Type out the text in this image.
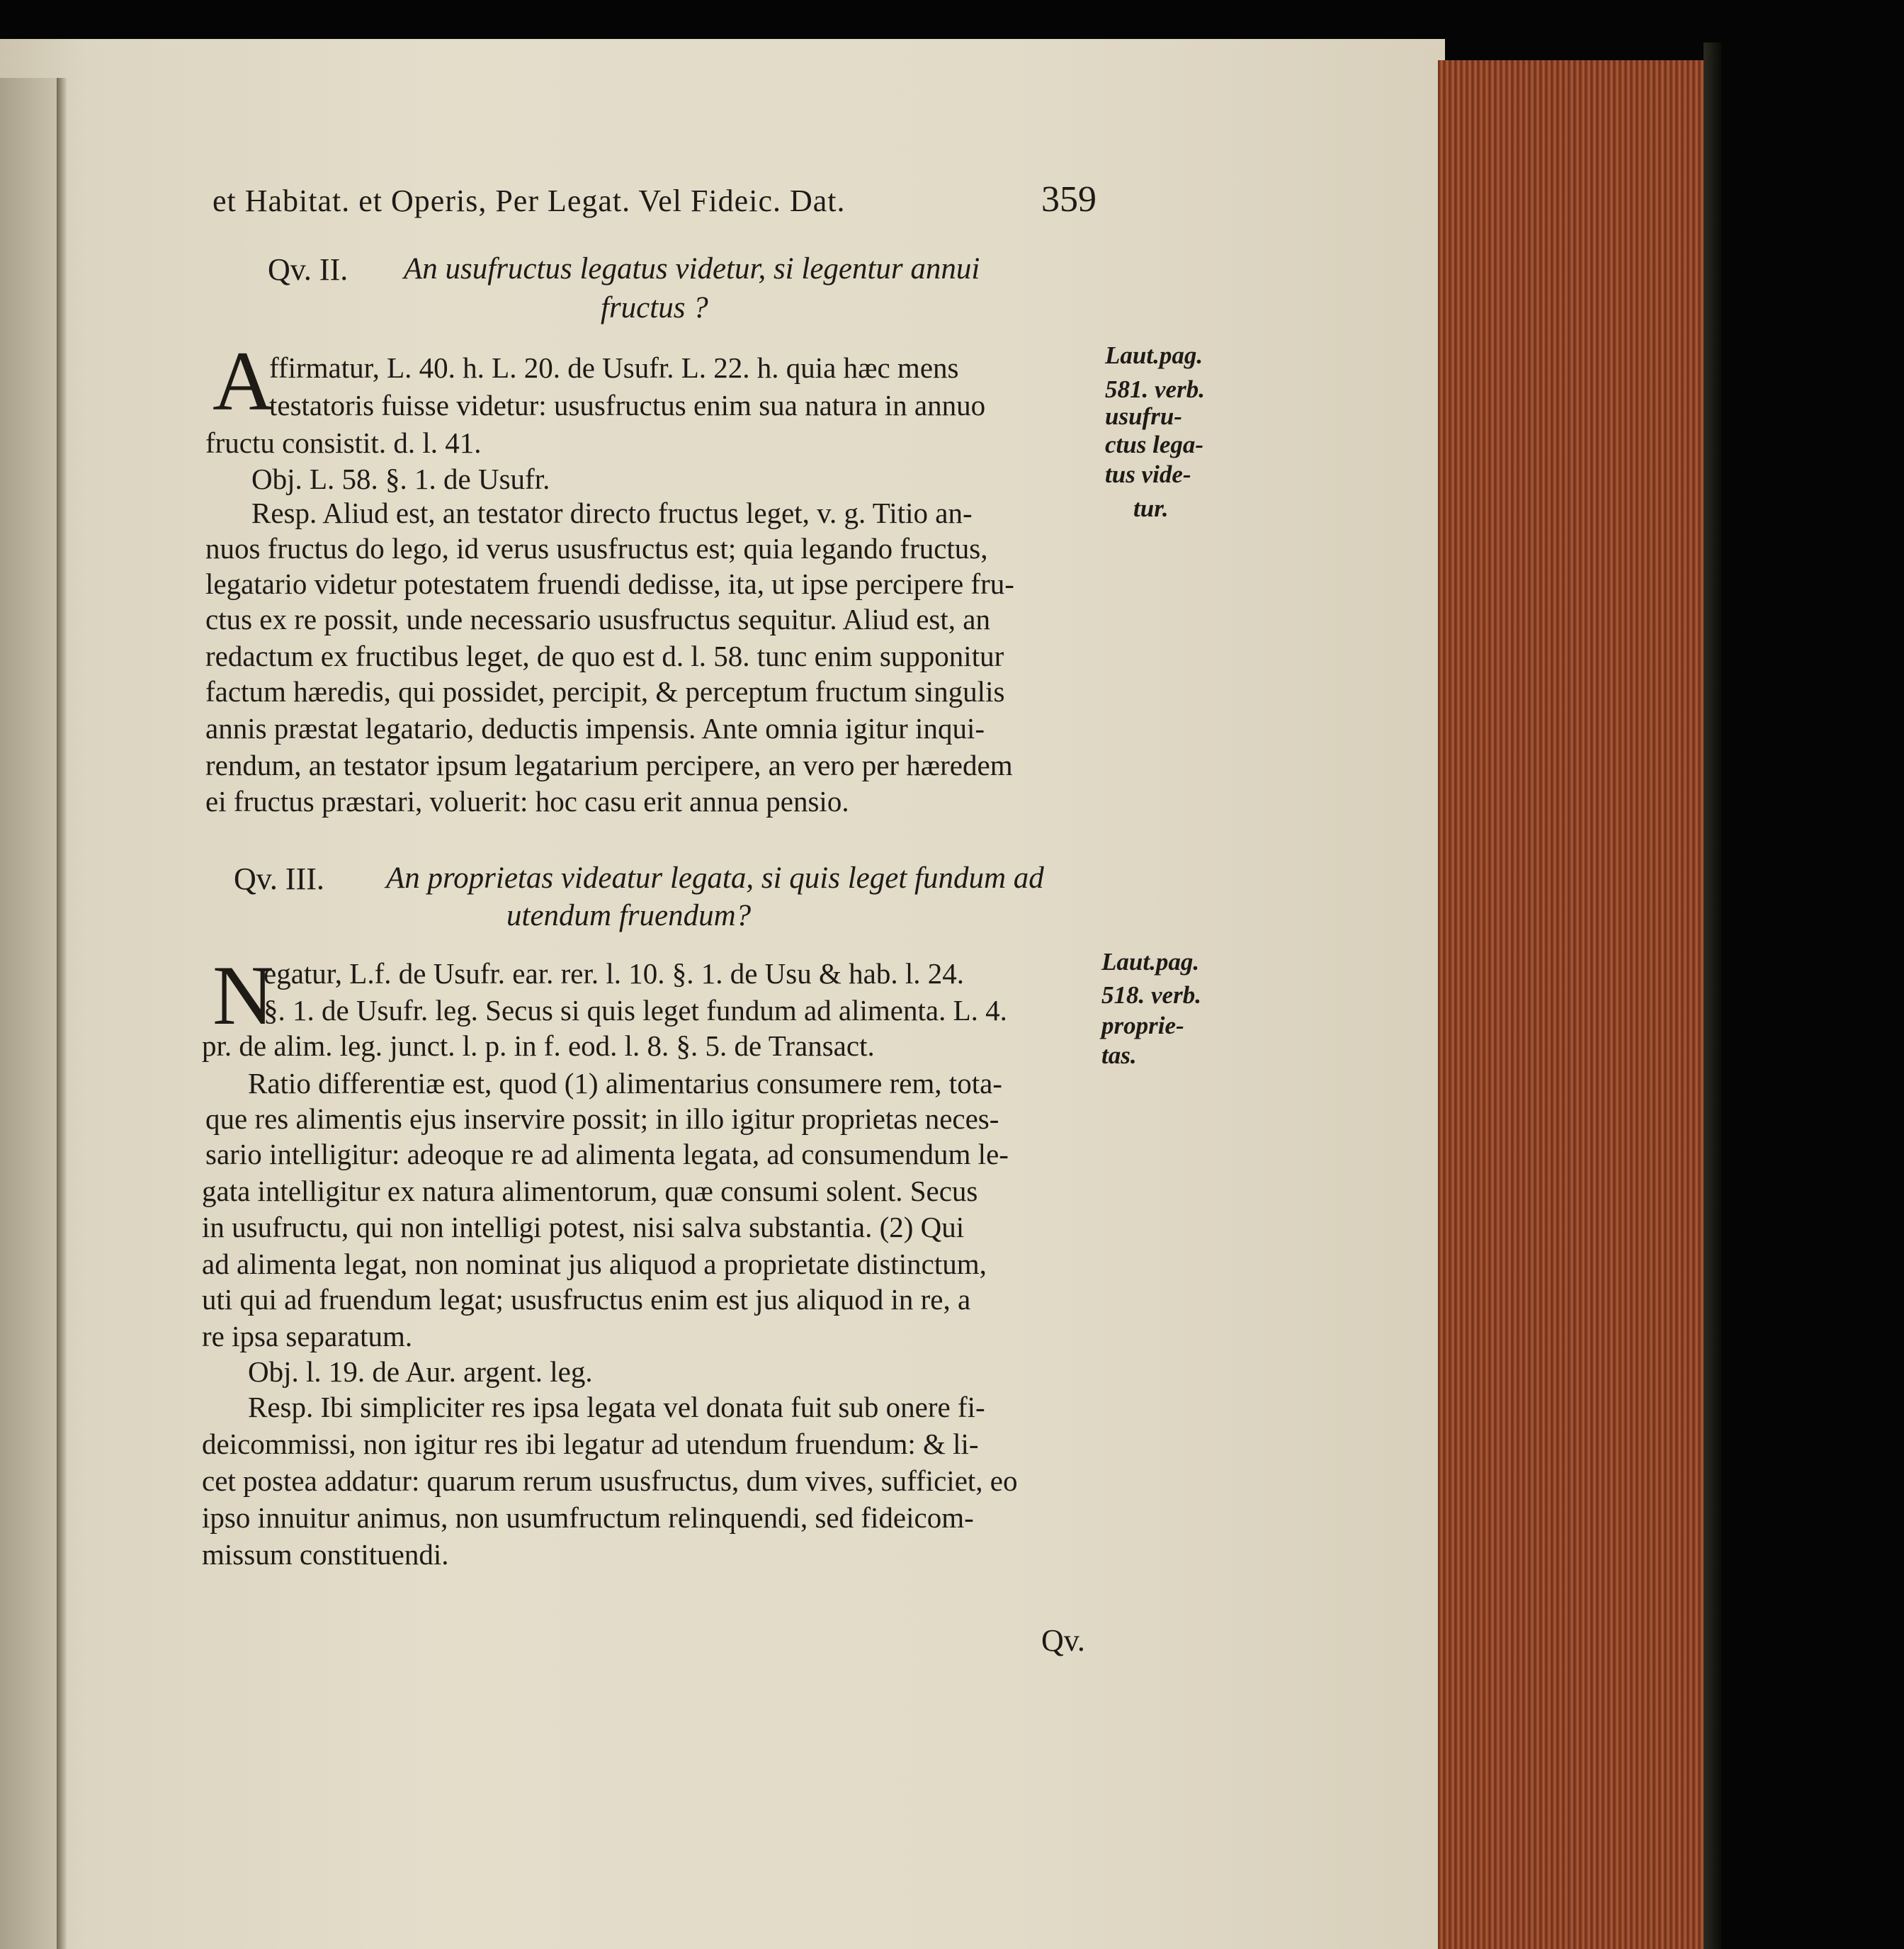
et Habitat. et Operis, Per Legat. Vel Fideic. Dat.	359
Qv. II. An usufructus legatus videtur, si legentur annui
fructus ?
A
ffirmatur, L. 40. h. L. 20. de Usufr. L. 22. h. quia hæc mens
testatoris fuisse videtur: ususfructus enim sua natura in annuo
fructu consistit. d. l. 41.
Obj. L. 58. §. 1. de Usufr.
Resp. Aliud est, an testator directo fructus leget, v. g. Titio an-
nuos fructus do lego, id verus ususfructus est; quia legando fructus,
legatario videtur potestatem fruendi dedisse, ita, ut ipse percipere fru-
ctus ex re possit, unde necessario ususfructus sequitur. Aliud est, an
redactum ex fructibus leget, de quo est d. l. 58. tunc enim supponitur
factum hæredis, qui possidet, percipit, & perceptum fructum singulis
annis præstat legatario, deductis impensis. Ante omnia igitur inqui-
rendum, an testator ipsum legatarium percipere, an vero per hæredem
ei fructus præstari, voluerit: hoc casu erit annua pensio.
Laut.pag.
581. verb.
usufru-
ctus lega-
tus vide-
tur.
Qv. III. An proprietas videatur legata, si quis leget fundum ad
utendum fruendum?
N
egatur, L.f. de Usufr. ear. rer. l. 10. §. 1. de Usu & hab. l. 24.
§. 1. de Usufr. leg. Secus si quis leget fundum ad alimenta. L. 4.
pr. de alim. leg. junct. l. p. in f. eod. l. 8. §. 5. de Transact.
Ratio differentiæ est, quod (1) alimentarius consumere rem, tota-
que res alimentis ejus inservire possit; in illo igitur proprietas neces-
sario intelligitur: adeoque re ad alimenta legata, ad consumendum le-
gata intelligitur ex natura alimentorum, quæ consumi solent. Secus
in usufructu, qui non intelligi potest, nisi salva substantia. (2) Qui
ad alimenta legat, non nominat jus aliquod a proprietate distinctum,
uti qui ad fruendum legat; ususfructus enim est jus aliquod in re, a
re ipsa separatum.
Obj. l. 19. de Aur. argent. leg.
Resp. Ibi simpliciter res ipsa legata vel donata fuit sub onere fi-
deicommissi, non igitur res ibi legatur ad utendum fruendum: & li-
cet postea addatur: quarum rerum ususfructus, dum vives, sufficiet, eo
ipso innuitur animus, non usumfructum relinquendi, sed fideicom-
missum constituendi.
Laut.pag.
518. verb.
proprie-
tas.
Qv.
